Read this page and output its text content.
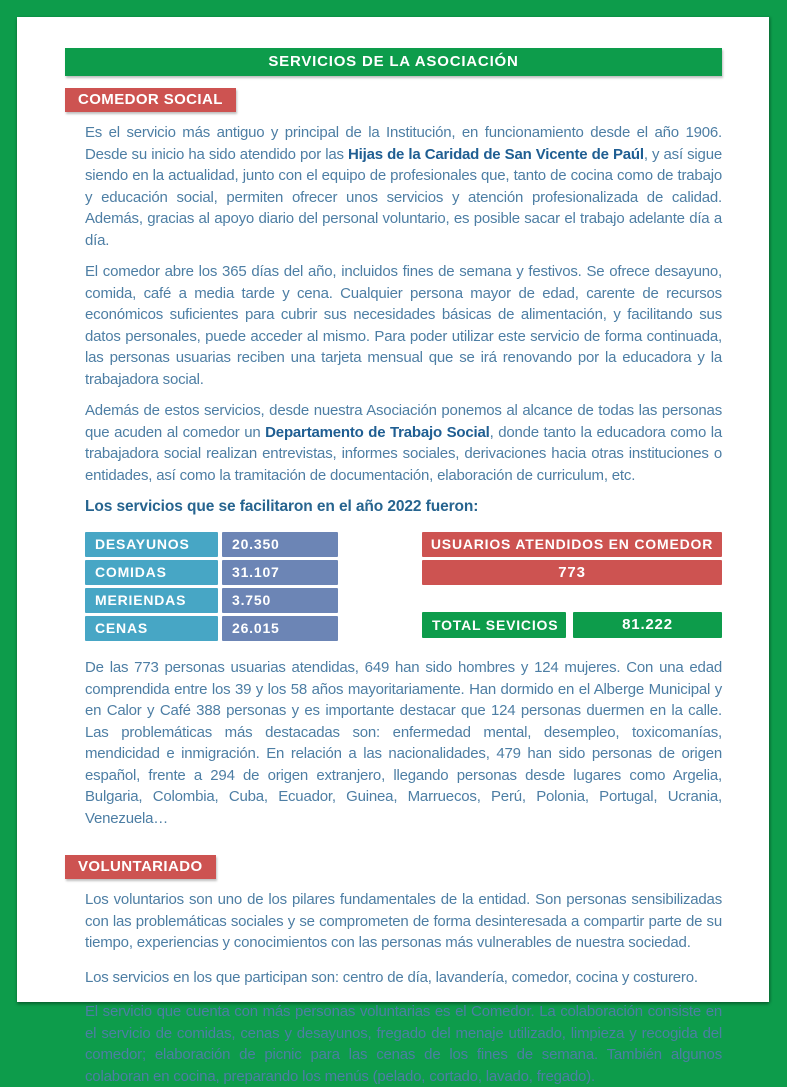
SERVICIOS DE LA ASOCIACIÓN
COMEDOR SOCIAL

Es el servicio más antiguo y principal de la Institución, en funcionamiento desde el año 1906. Desde su inicio ha sido atendido por las Hijas de la Caridad de San Vicente de Paúl, y así sigue siendo en la actualidad, junto con el equipo de profesionales que, tanto de cocina como de trabajo y educación social, permiten ofrecer unos servicios y atención profesionalizada de calidad. Además, gracias al apoyo diario del personal voluntario, es posible sacar el trabajo adelante día a día.

El comedor abre los 365 días del año, incluidos fines de semana y festivos. Se ofrece desayuno, comida, café a media tarde y cena. Cualquier persona mayor de edad, carente de recursos económicos suficientes para cubrir sus necesidades básicas de alimentación, y facilitando sus datos personales, puede acceder al mismo. Para poder utilizar este servicio de forma continuada, las personas usuarias reciben una tarjeta mensual que se irá renovando por la educadora y la trabajadora social.

Además de estos servicios, desde nuestra Asociación ponemos al alcance de todas las personas que acuden al comedor un Departamento de Trabajo Social, donde tanto la educadora como la trabajadora social realizan entrevistas, informes sociales, derivaciones hacia otras instituciones o entidades, así como la tramitación de documentación, elaboración de curriculum, etc.

Los servicios que se facilitaron en el año 2022 fueron:
DESAYUNOS	20.350
COMIDAS	31.107
MERIENDAS	3.750
CENAS	26.015
USUARIOS ATENDIDOS EN COMEDOR
773
TOTAL SEVICIOS	81.222

De las 773 personas usuarias atendidas, 649 han sido hombres y 124 mujeres. Con una edad comprendida entre los 39 y los 58 años mayoritariamente. Han dormido en el Alberge Municipal y en Calor y Café 388 personas y es importante destacar que 124 personas duermen en la calle. Las problemáticas más destacadas son: enfermedad mental, desempleo, toxicomanías, mendicidad e inmigración. En relación a las nacionalidades, 479 han sido personas de origen español, frente a 294 de origen extranjero, llegando personas desde lugares como Argelia, Bulgaria, Colombia, Cuba, Ecuador, Guinea, Marruecos, Perú, Polonia, Portugal, Ucrania, Venezuela…

VOLUNTARIADO

Los voluntarios son uno de los pilares fundamentales de la entidad. Son personas sensibilizadas con las problemáticas sociales y se comprometen de forma desinteresada a compartir parte de su tiempo, experiencias y conocimientos con las personas más vulnerables de nuestra sociedad.

Los servicios en los que participan son: centro de día, lavandería, comedor, cocina y costurero.

El servicio que cuenta con más personas voluntarias es el Comedor. La colaboración consiste en el servicio de comidas, cenas y desayunos, fregado del menaje utilizado, limpieza y recogida del comedor; elaboración de picnic para las cenas de los fines de semana. También algunos colaboran en cocina, preparando los menús (pelado, cortado, lavado, fregado).
